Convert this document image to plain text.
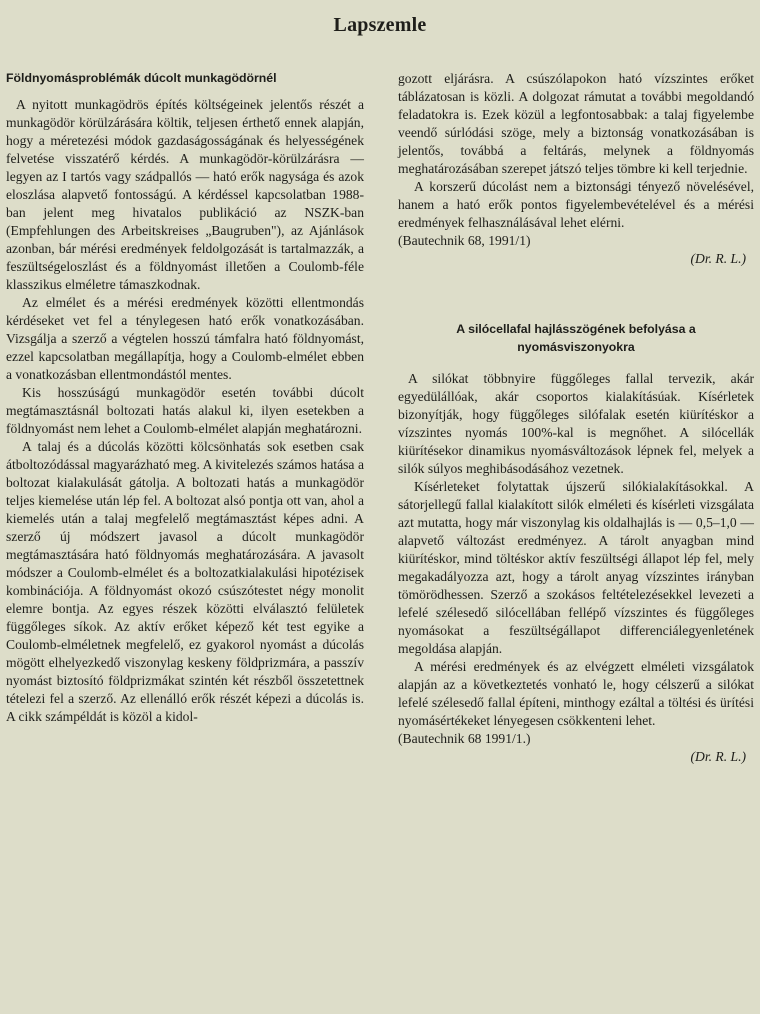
Lapszemle
Földnyomásproblémák dúcolt munkagödörnél

A nyitott munkagödrös építés költségeinek jelentős részét a munkagödör körülzárására költik, teljesen érthető ennek alapján, hogy a méretezési módok gazdaságosságának és helyességének felvetése visszatérő kérdés. A munkagödör-körülzárásra — legyen az I tartós vagy szádpallós — ható erők nagysága és azok eloszlása alapvető fontosságú. A kérdéssel kapcsolatban 1988-ban jelent meg hivatalos publikáció az NSZK-ban (Empfehlungen des Arbeitskreises „Baugruben"), az Ajánlások azonban, bár mérési eredmények feldolgozását is tartalmazzák, a feszültségeloszlást és a földnyomást illetően a Coulomb-féle klasszikus elméletre támaszkodnak.

Az elmélet és a mérési eredmények közötti ellentmondás kérdéseket vet fel a ténylegesen ható erők vonatkozásában. Vizsgálja a szerző a végtelen hosszú támfalra ható földnyomást, ezzel kapcsolatban megállapítja, hogy a Coulomb-elmélet ebben a vonatkozásban ellentmondástól mentes.

Kis hosszúságú munkagödör esetén további dúcolt megtámasztásnál boltozati hatás alakul ki, ilyen esetekben a földnyomást nem lehet a Coulomb-elmélet alapján meghatározni.

A talaj és a dúcolás közötti kölcsönhatás sok esetben csak átboltozódással magyarázható meg. A kivitelezés számos hatása a boltozat kialakulását gátolja. A boltozati hatás a munkagödör teljes kiemelése után lép fel. A boltozat alsó pontja ott van, ahol a kiemelés után a talaj megfelelő megtámasztást képes adni. A szerző új módszert javasol a dúcolt munkagödör megtámasztására ható földnyomás meghatározására. A javasolt módszer a Coulomb-elmélet és a boltozatkialakulási hipotézisek kombinációja. A földnyomást okozó csúszótestet négy monolit elemre bontja. Az egyes részek közötti elválasztó felületek függőleges síkok. Az aktív erőket képező két test egyike a Coulomb-elméletnek megfelelő, ez gyakorol nyomást a dúcolás mögött elhelyezkedő viszonylag keskeny földprizmára, a passzív nyomást biztosító földprizmákat szintén két részből összetettnek tételezi fel a szerző. Az ellenálló erők részét képezi a dúcolás is. A cikk számpéldát is közöl a kidol-

gozott eljárásra. A csúszólapokon ható vízszintes erőket táblázatosan is közli. A dolgozat rámutat a további megoldandó feladatokra is. Ezek közül a legfontosabbak: a talaj figyelembe veendő súrlódási szöge, mely a biztonság vonatkozásában is jelentős, továbbá a feltárás, melynek a földnyomás meghatározásában szerepet játszó teljes tömbre ki kell terjednie.

A korszerű dúcolást nem a biztonsági tényező növelésével, hanem a ható erők pontos figyelembevételével és a mérési eredmények felhasználásával lehet elérni.

(Bautechnik 68, 1991/1)

(Dr. R. L.)

A silócellafal hajlásszögének befolyása a nyomásviszonyokra

A silókat többnyire függőleges fallal tervezik, akár egyedülállóak, akár csoportos kialakításúak. Kísérletek bizonyítják, hogy függőleges silófalak esetén kiürítéskor a vízszintes nyomás 100%-kal is megnőhet. A silócellák kiürítésekor dinamikus nyomásváltozások lépnek fel, melyek a silók súlyos meghibásodásához vezetnek.

Kísérleteket folytattak újszerű silókialakításokkal. A sátorjellegű fallal kialakított silók elméleti és kísérleti vizsgálata azt mutatta, hogy már viszonylag kis oldalhajlás is — 0,5–1,0 — alapvető változást eredményez. A tárolt anyagban mind kiürítéskor, mind töltéskor aktív feszültségi állapot lép fel, mely megakadályozza azt, hogy a tárolt anyag vízszintes irányban tömörödhessen. Szerző a szokásos feltételezésekkel levezeti a lefelé szélesedő silócellában fellépő vízszintes és függőleges nyomásokat a feszültségállapot differenciálegyenletének megoldása alapján.

A mérési eredmények és az elvégzett elméleti vizsgálatok alapján az a következtetés vonható le, hogy célszerű a silókat lefelé szélesedő fallal építeni, minthogy ezáltal a töltési és ürítési nyomásértékeket lényegesen csökkenteni lehet.

(Bautechnik 68 1991/1.)

(Dr. R. L.)
